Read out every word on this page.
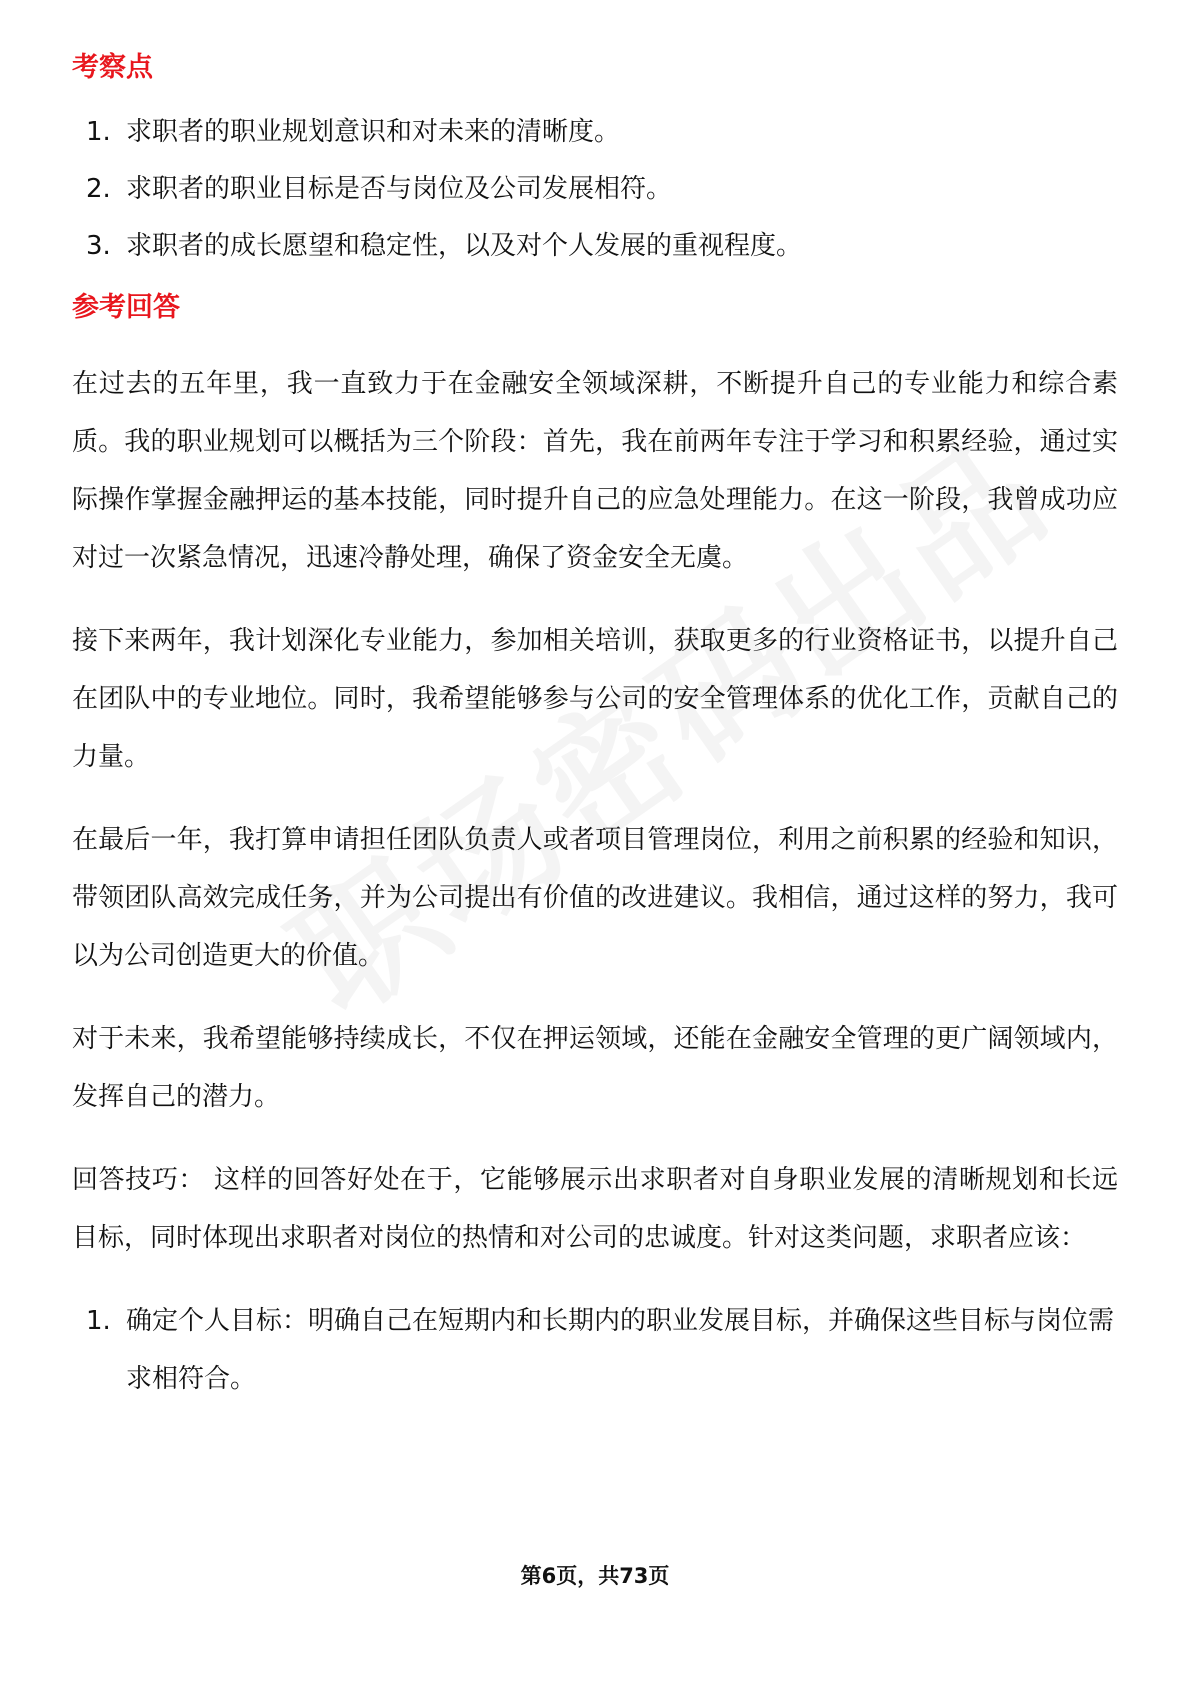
考察点
1. 求职者的职业规划意识和对未来的清晰度。
2. 求职者的职业目标是否与岗位及公司发展相符。
3. 求职者的成长愿望和稳定性，以及对个人发展的重视程度。
参考回答

在过去的五年里，我一直致力于在金融安全领域深耕，不断提升自己的专业能力和综合素质。我的职业规划可以概括为三个阶段：首先，我在前两年专注于学习和积累经验，通过实际操作掌握金融押运的基本技能，同时提升自己的应急处理能力。在这一阶段，我曾成功应对过一次紧急情况，迅速冷静处理，确保了资金安全无虞。

接下来两年，我计划深化专业能力，参加相关培训，获取更多的行业资格证书，以提升自己在团队中的专业地位。同时，我希望能够参与公司的安全管理体系的优化工作，贡献自己的力量。

在最后一年，我打算申请担任团队负责人或者项目管理岗位，利用之前积累的经验和知识，带领团队高效完成任务，并为公司提出有价值的改进建议。我相信，通过这样的努力，我可以为公司创造更大的价值。

对于未来，我希望能够持续成长，不仅在押运领域，还能在金融安全管理的更广阔领域内，发挥自己的潜力。

回答技巧： 这样的回答好处在于，它能够展示出求职者对自身职业发展的清晰规划和长远目标，同时体现出求职者对岗位的热情和对公司的忠诚度。针对这类问题，求职者应该：

1. 确定个人目标：明确自己在短期内和长期内的职业发展目标，并确保这些目标与岗位需求相符合。
第6页，共73页
